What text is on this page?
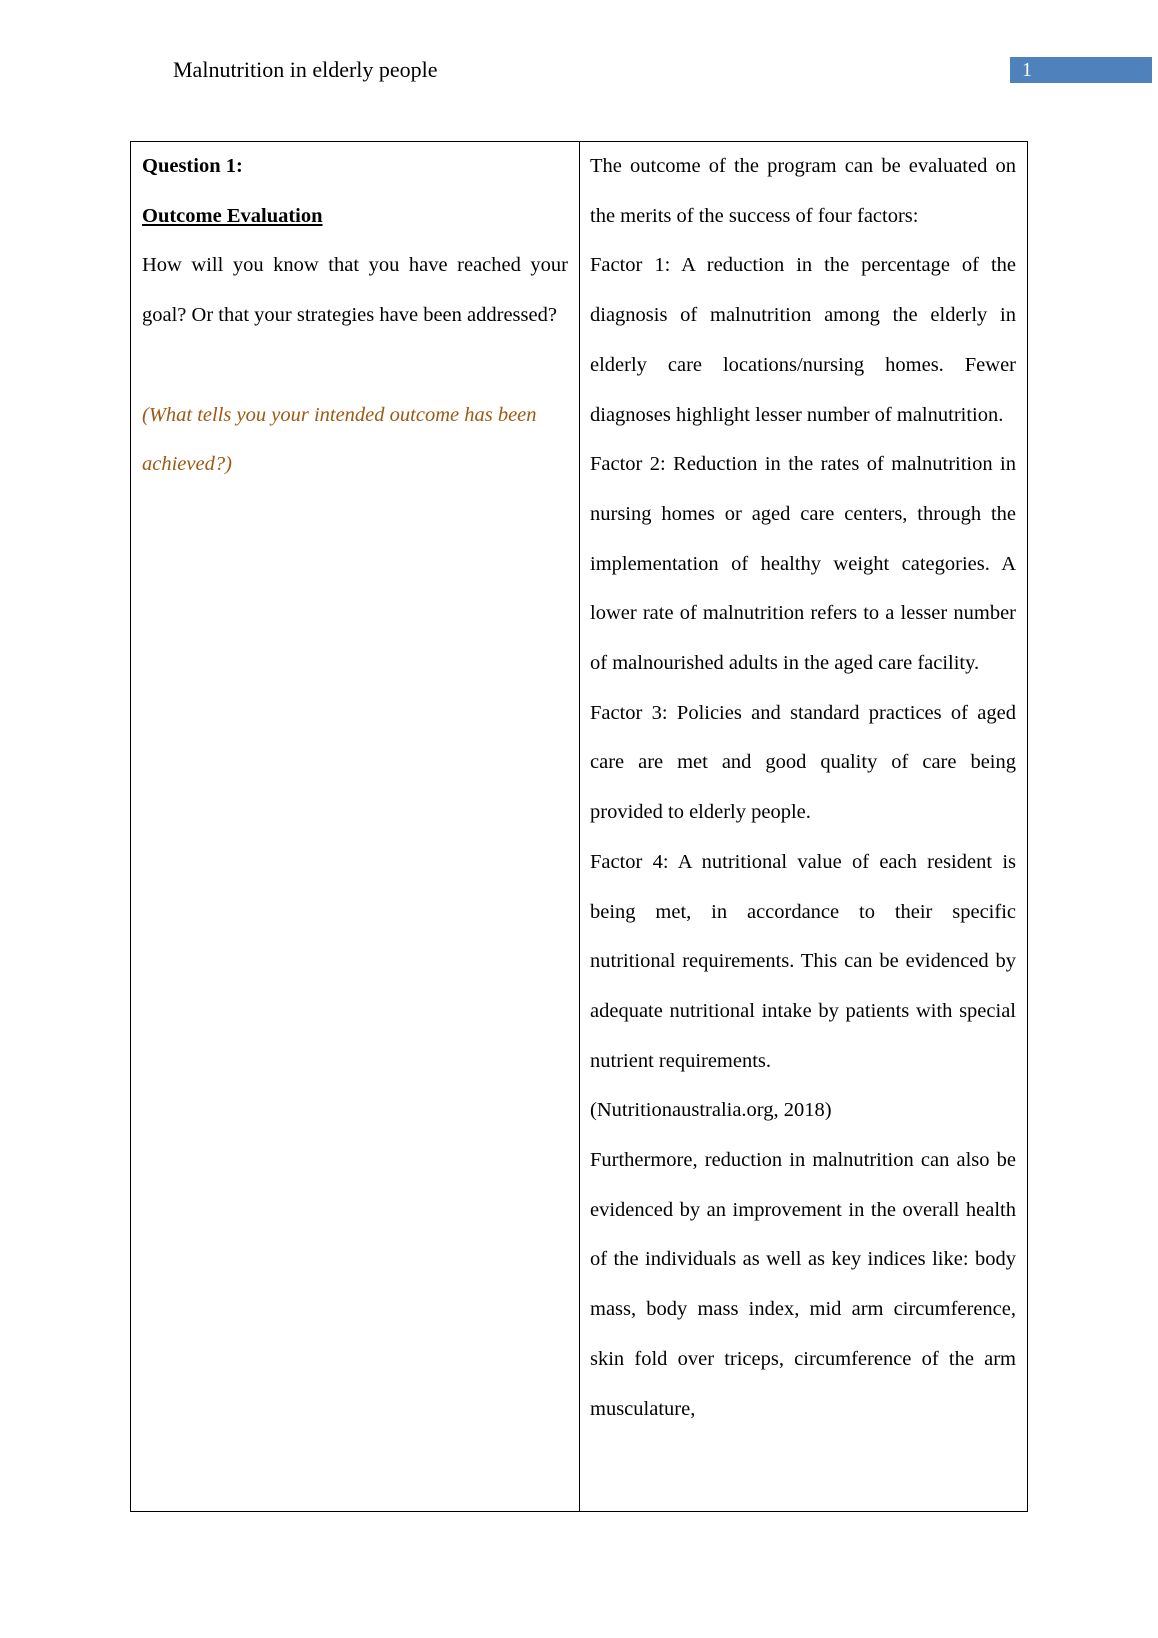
Malnutrition in elderly people	1

Question 1:

Outcome Evaluation

How will you know that you have reached your goal? Or that your strategies have been addressed?

(What tells you your intended outcome has been achieved?)

The outcome of the program can be evaluated on the merits of the success of four factors:

Factor 1: A reduction in the percentage of the diagnosis of malnutrition among the elderly in elderly care locations/nursing homes. Fewer diagnoses highlight lesser number of malnutrition.

Factor 2: Reduction in the rates of malnutrition in nursing homes or aged care centers, through the implementation of healthy weight categories. A lower rate of malnutrition refers to a lesser number of malnourished adults in the aged care facility.

Factor 3: Policies and standard practices of aged care are met and good quality of care being provided to elderly people.

Factor 4: A nutritional value of each resident is being met, in accordance to their specific nutritional requirements. This can be evidenced by adequate nutritional intake by patients with special nutrient requirements.

(Nutritionaustralia.org, 2018)

Furthermore, reduction in malnutrition can also be evidenced by an improvement in the overall health of the individuals as well as key indices like: body mass, body mass index, mid arm circumference, skin fold over triceps, circumference of the arm musculature,
